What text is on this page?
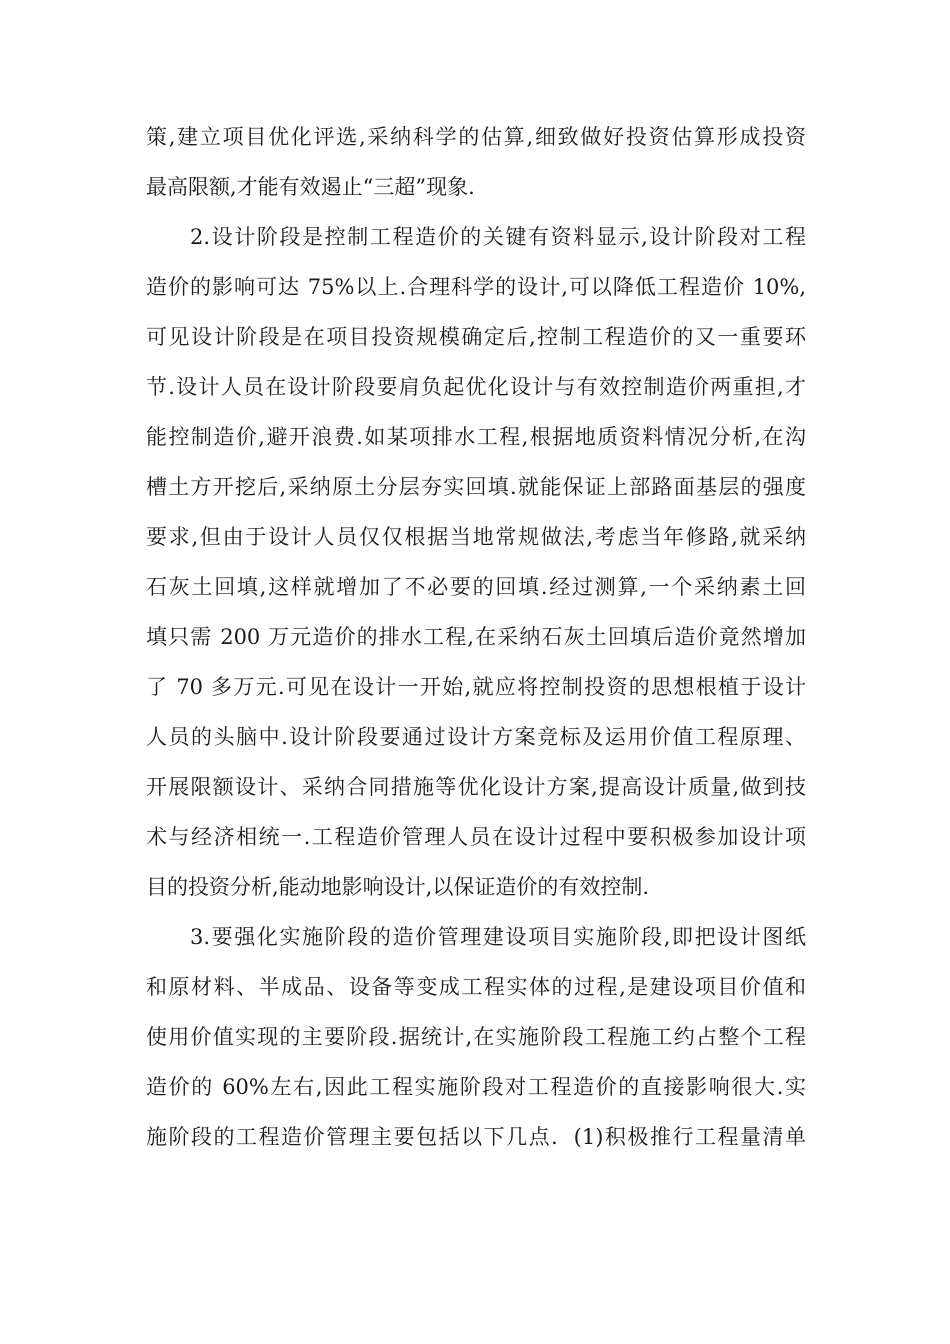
策,建立项目优化评选,采纳科学的估算,细致做好投资估算形成投资
最高限额,才能有效遏止“三超”现象.
2.设计阶段是控制工程造价的关键有资料显示,设计阶段对工程
造价的影响可达 75%以上.合理科学的设计,可以降低工程造价 10%,
可见设计阶段是在项目投资规模确定后,控制工程造价的又一重要环
节.设计人员在设计阶段要肩负起优化设计与有效控制造价两重担,才
能控制造价,避开浪费.如某项排水工程,根据地质资料情况分析,在沟
槽土方开挖后,采纳原土分层夯实回填.就能保证上部路面基层的强度
要求,但由于设计人员仅仅根据当地常规做法,考虑当年修路,就采纳
石灰土回填,这样就增加了不必要的回填.经过测算,一个采纳素土回
填只需 200 万元造价的排水工程,在采纳石灰土回填后造价竟然增加
了 70 多万元.可见在设计一开始,就应将控制投资的思想根植于设计
人员的头脑中.设计阶段要通过设计方案竞标及运用价值工程原理、
开展限额设计、采纳合同措施等优化设计方案,提高设计质量,做到技
术与经济相统一.工程造价管理人员在设计过程中要积极参加设计项
目的投资分析,能动地影响设计,以保证造价的有效控制.
3.要强化实施阶段的造价管理建设项目实施阶段,即把设计图纸
和原材料、半成品、设备等变成工程实体的过程,是建设项目价值和
使用价值实现的主要阶段.据统计,在实施阶段工程施工约占整个工程
造价的 60%左右,因此工程实施阶段对工程造价的直接影响很大.实
施阶段的工程造价管理主要包括以下几点．(1)积极推行工程量清单
